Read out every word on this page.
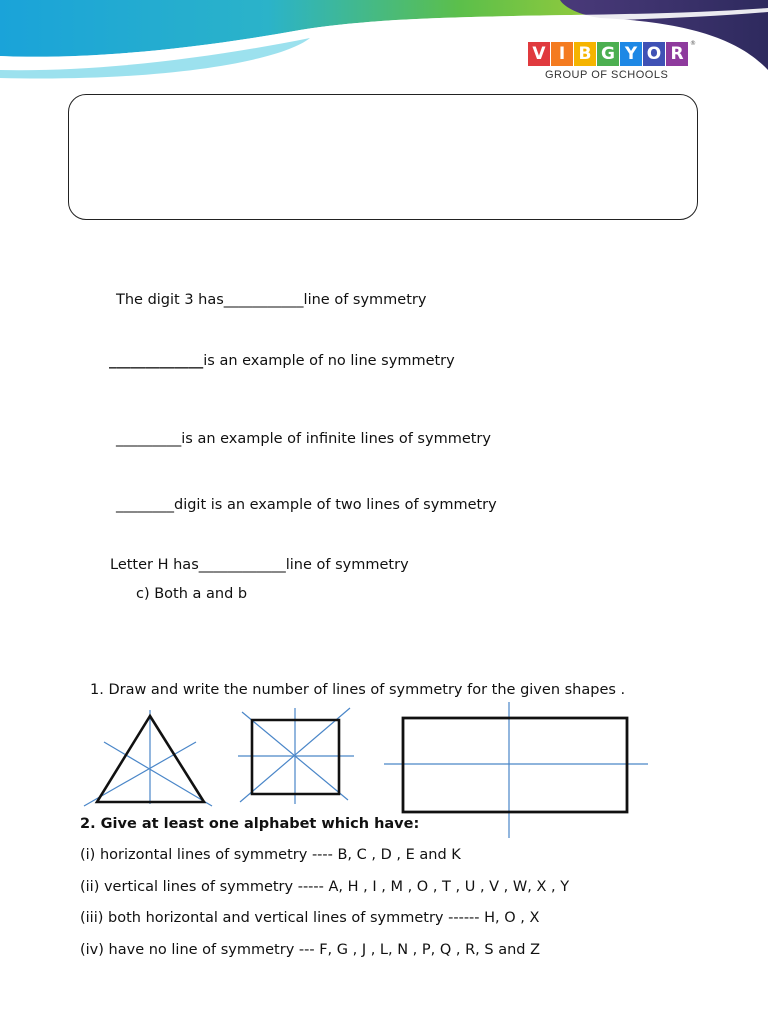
V I B G Y O R
GROUP OF SCHOOLS
®
The digit 3 has___________line of symmetry
_____________is an example of no line symmetry
_________is an example of infinite lines of symmetry
________digit is an example of two lines of symmetry
Letter H has____________line of symmetry
c) Both a and b
1. Draw and write the number of lines of symmetry for the given shapes .
2. Give at least one alphabet which have:
(i) horizontal lines of symmetry ---- B, C , D , E and K
(ii) vertical lines of symmetry ----- A, H , I , M , O , T , U , V , W, X , Y
(iii) both horizontal and vertical lines of symmetry ------ H, O , X
(iv) have no line of symmetry --- F, G , J , L, N , P, Q , R, S and Z
